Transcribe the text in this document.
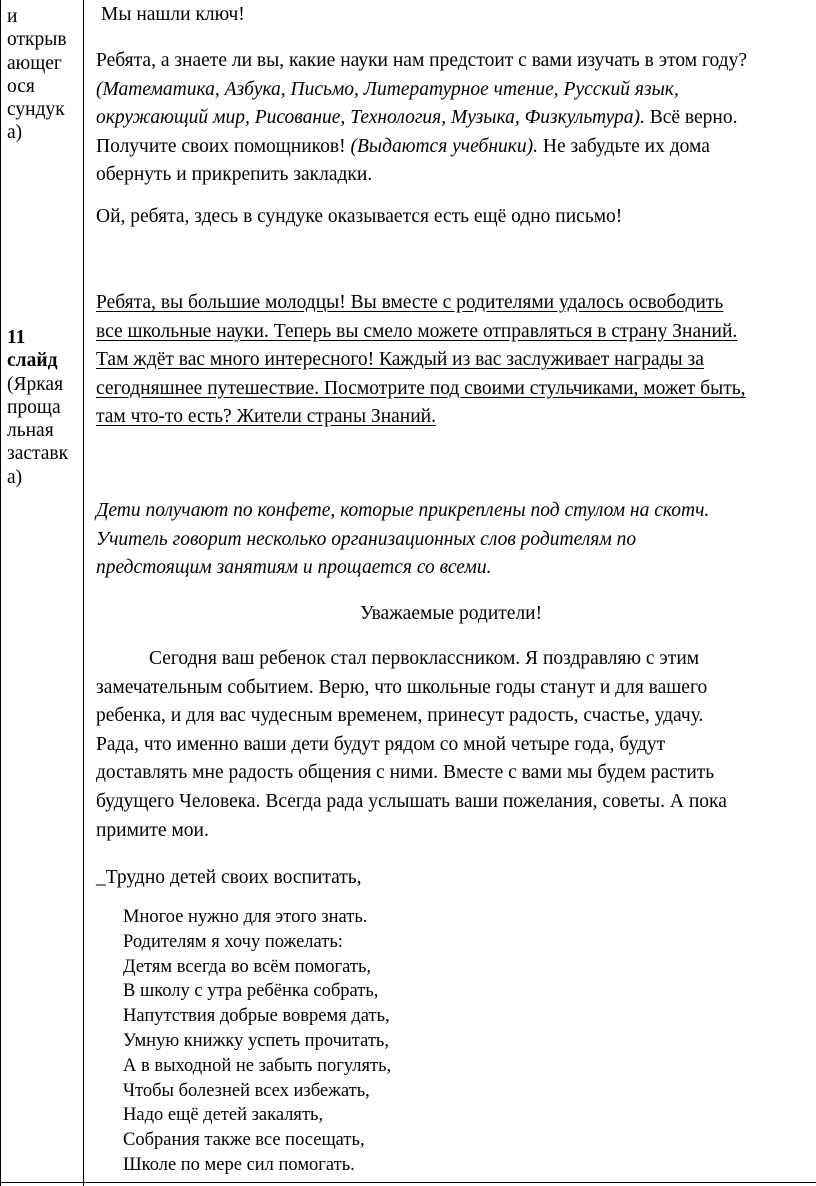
и
открыв
ающег
ося
сундук
а)
Мы нашли ключ!
Ребята, а знаете ли вы, какие науки нам предстоит с вами изучать в этом году?
(Математика, Азбука, Письмо, Литературное чтение, Русский язык,
окружающий мир, Рисование, Технология, Музыка, Физкультура). Всё верно.
Получите своих помощников! (Выдаются учебники). Не забудьте их дома
обернуть и прикрепить закладки.
Ой, ребята, здесь в сундуке оказывается есть ещё одно письмо!
11
слайд
(Яркая
проща
льная
заставк
а)
Ребята, вы большие молодцы! Вы вместе с родителями удалось освободить
все школьные науки. Теперь вы смело можете отправляться в страну Знаний.
Там ждёт вас много интересного! Каждый из вас заслуживает награды за
сегодняшнее путешествие. Посмотрите под своими стульчиками, может быть,
там что-то есть? Жители страны Знаний.
Дети получают по конфете, которые прикреплены под стулом на скотч.
Учитель говорит несколько организационных слов родителям по
предстоящим занятиям и прощается со всеми.
Уважаемые родители!
Сегодня ваш ребенок стал первоклассником. Я поздравляю с этим
замечательным событием. Верю, что школьные годы станут и для вашего
ребенка, и для вас чудесным временем, принесут радость, счастье, удачу.
Рада, что именно ваши дети будут рядом со мной четыре года, будут
доставлять мне радость общения с ними. Вместе с вами мы будем растить
будущего Человека. Всегда рада услышать ваши пожелания, советы. А пока
примите мои.
_Трудно детей своих воспитать,
Многое нужно для этого знать.
Родителям я хочу пожелать:
Детям всегда во всём помогать,
В школу с утра ребёнка собрать,
Напутствия добрые вовремя дать,
Умную книжку успеть прочитать,
А в выходной не забыть погулять,
Чтобы болезней всех избежать,
Надо ещё детей закалять,
Собрания также все посещать,
Школе по мере сил помогать.
